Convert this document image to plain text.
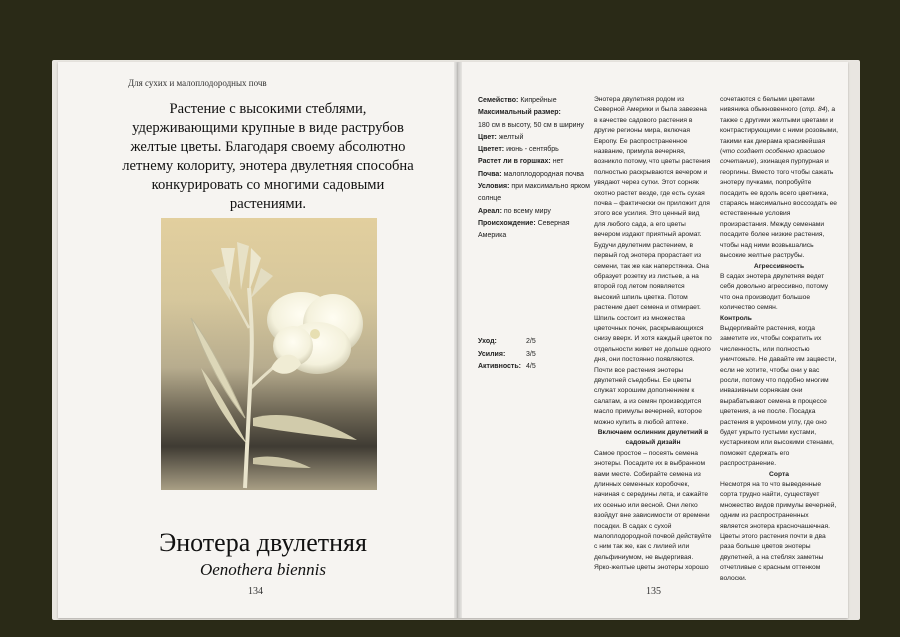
Для сухих и малоплодородных почв
Растение с высокими стеблями, удерживающими крупные в виде раструбов желтые цветы. Благодаря своему абсолютно летнему колориту, энотера двулетняя способна конкурировать со многими садовыми растениями.
Энотера двулетняя
Oenothera biennis
134
Семейство: Кипрейные
Максимальный размер:
180 см в высоту, 50 см в ширину
Цвет: желтый
Цветет: июнь - сентябрь
Растет ли в горшках: нет
Почва: малоплодородная почва
Условия: при максимально ярком солнце
Ареал: по всему миру
Происхождение: Северная Америка
Уход:	2/5
Усилия:	3/5
Активность: 4/5

Энотера двулетняя родом из Северной Америки и была завезена в качестве садового растения в другие регионы мира, включая Европу. Ее распространенное название, примула вечерняя, возникло потому, что цветы растения полностью раскрываются вечером и увядают через сутки. Этот сорняк охотно растет везде, где есть сухая почва – фактически он приложит для этого все усилия. Это ценный вид для любого сада, а его цветы вечером издают приятный аромат. Будучи двулетним растением, в первый год энотера прорастает из семени, так же как наперстянка. Она образует розетку из листьев, а на второй год летом появляется высокий шпиль цветка. Потом растение дает семена и отмирает. Шпиль состоит из множества цветочных почек, раскрывающихся снизу вверх. И хотя каждый цветок по отдельности живет не дольше одного дня, они постоянно появляются. Почти все растения энотеры двулетней съедобны. Ее цветы служат хорошим дополнением к салатам, а из семян производится масло примулы вечерней, которое можно купить в любой аптеке.

Включаем ослинник двулетний в садовый дизайн

Самое простое – посеять семена энотеры. Посадите их в выбранном вами месте. Собирайте семена из длинных семенных коробочек, начиная с середины лета, и сажайте их осенью или весной. Они легко взойдут вне зависимости от времени посадки. В садах с сухой малоплодородной почвой действуйте с ним так же, как с лилией или дельфиниумом, не выдергивая. Ярко-желтые цветы энотеры хорошо

сочетаются с белыми цветами нивяника обыкновенного (стр. 84), а также с другими желтыми цветами и контрастирующими с ними розовыми, такими как диерама красивейшая (что создает особенно красивое сочетание), эхинацея пурпурная и георгины. Вместо того чтобы сажать энотеру пучками, попробуйте посадить ее вдоль всего цветника, стараясь максимально воссоздать ее естественные условия произрастания. Между семенами посадите более низкие растения, чтобы над ними возвышались высокие желтые раструбы.

Агрессивность

В садах энотера двулетняя ведет себя довольно агрессивно, потому что она производит большое количество семян.

Контроль

Выдергивайте растения, когда заметите их, чтобы сократить их численность, или полностью уничтожьте. Не давайте им зацвести, если не хотите, чтобы они у вас росли, потому что подобно многим инвазивным сорнякам они вырабатывают семена в процессе цветения, а не после. Посадка растения в укромном углу, где оно будет укрыто густыми кустами, кустарником или высокими стенами, поможет сдержать его распространение.

Сорта

Несмотря на то что выведенные сорта трудно найти, существует множество видов примулы вечерней, одним из распространенных является энотера красночашечная. Цветы этого растения почти в два раза больше цветов энотеры двулетней, а на стеблях заметны отчетливые с красным оттенком волоски.

135
